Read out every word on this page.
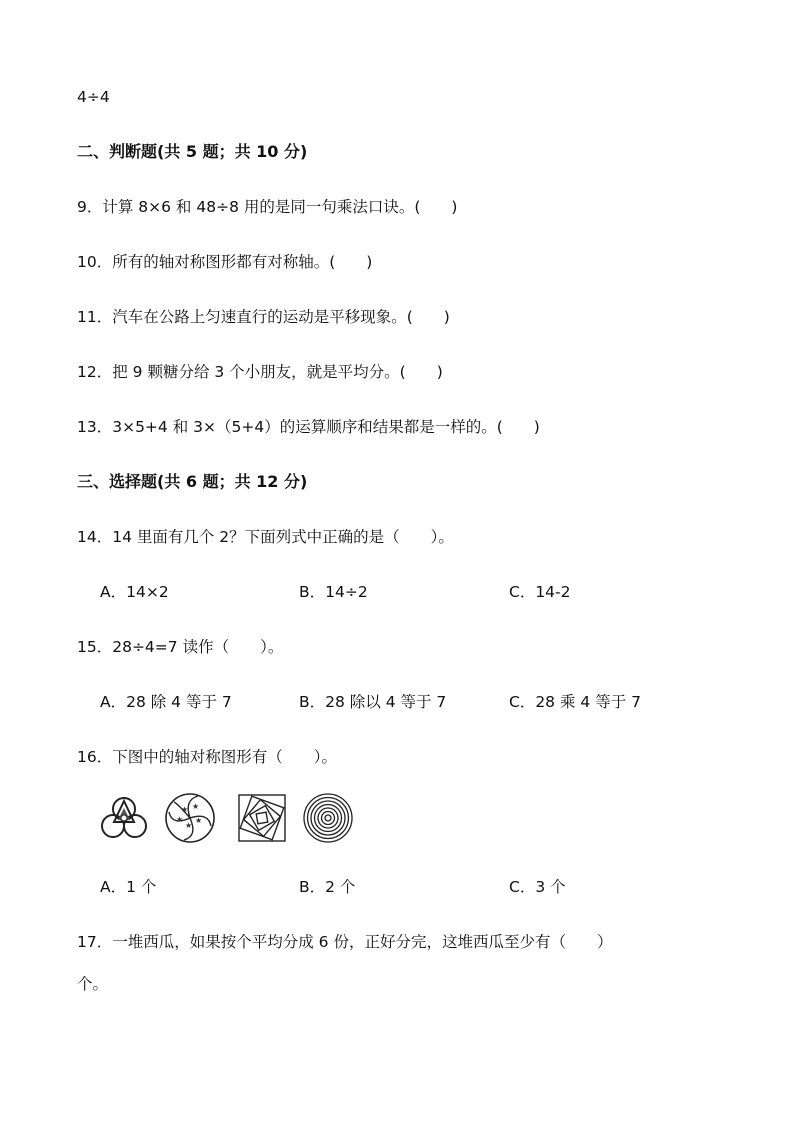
4÷4
二、判断题(共 5 题；共 10 分)
9．计算 8×6 和 48÷8 用的是同一句乘法口诀。(　　)
10．所有的轴对称图形都有对称轴。(　　)
11．汽车在公路上匀速直行的运动是平移现象。(　　)
12．把 9 颗糖分给 3 个小朋友，就是平均分。(　　)
13．3×5+4 和 3×（5+4）的运算顺序和结果都是一样的。(　　)
三、选择题(共 6 题；共 12 分)
14．14 里面有几个 2？下面列式中正确的是（　　）。
A．14×2	B．14÷2	C．14-2
15．28÷4=7 读作（　　）。
A．28 除 4 等于 7	B．28 除以 4 等于 7	C．28 乘 4 等于 7
16．下图中的轴对称图形有（　　）。
★ ★
★
★
★
A．1 个	B．2 个	C．3 个
17．一堆西瓜，如果按个平均分成 6 份，正好分完，这堆西瓜至少有（　　）
个。
